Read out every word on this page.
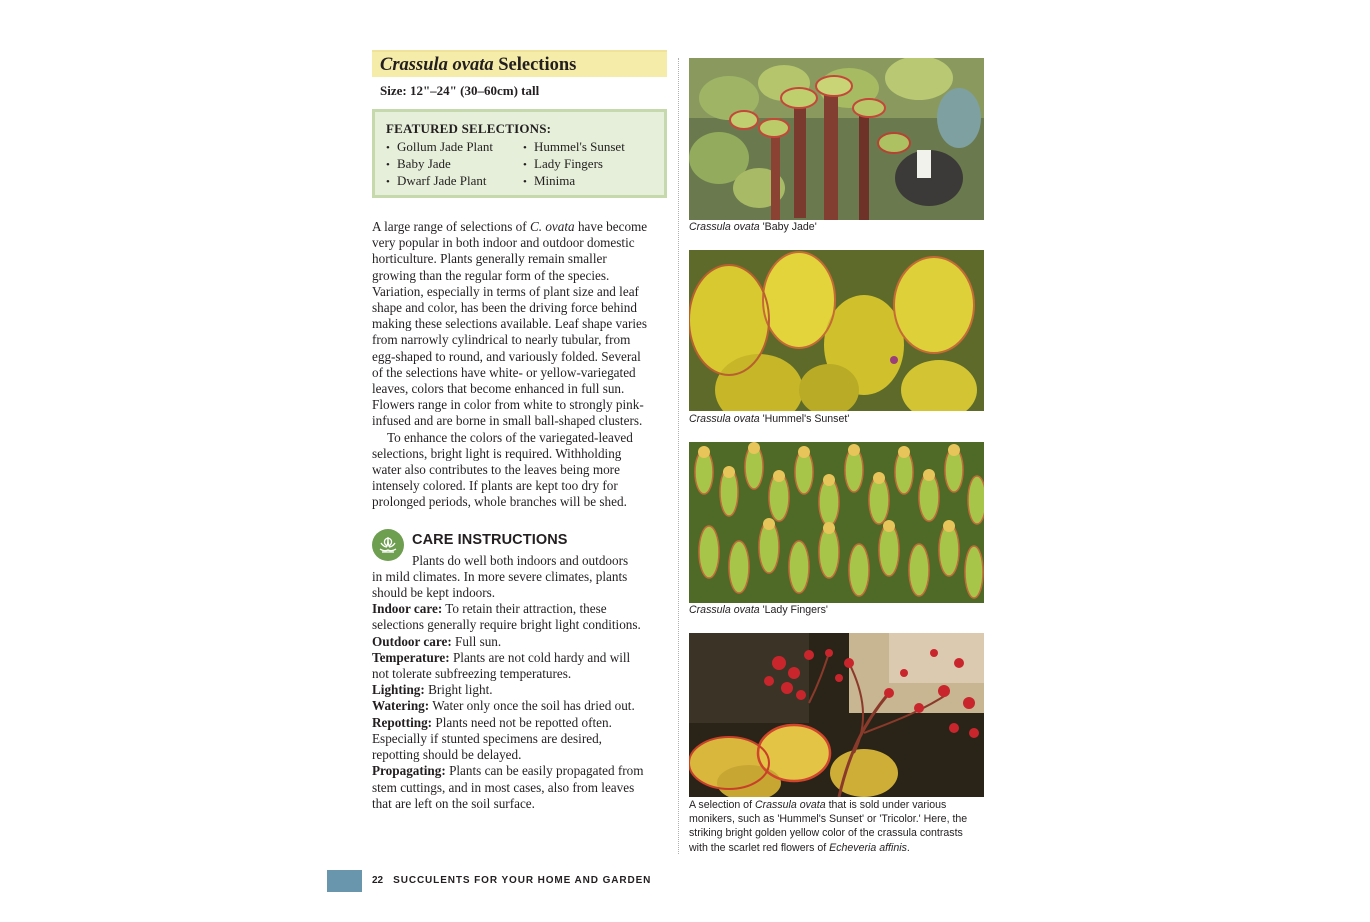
Crassula ovata Selections
Size: 12"–24" (30–60cm) tall
FEATURED SELECTIONS:
• Gollum Jade Plant
• Baby Jade
• Dwarf Jade Plant
• Hummel's Sunset
• Lady Fingers
• Minima

A large range of selections of C. ovata have become

very popular in both indoor and outdoor domestic

horticulture. Plants generally remain smaller

growing than the regular form of the species.

Variation, especially in terms of plant size and leaf

shape and color, has been the driving force behind

making these selections available. Leaf shape varies

from narrowly cylindrical to nearly tubular, from

egg-shaped to round, and variously folded. Several

of the selections have white- or yellow-variegated

leaves, colors that become enhanced in full sun.

Flowers range in color from white to strongly pink-

infused and are borne in small ball-shaped clusters.

To enhance the colors of the variegated-leaved

selections, bright light is required. Withholding

water also contributes to the leaves being more

intensely colored. If plants are kept too dry for

prolonged periods, whole branches will be shed.

CARE INSTRUCTIONS

Plants do well both indoors and outdoors

in mild climates. In more severe climates, plants

should be kept indoors.

Indoor care: To retain their attraction, these

selections generally require bright light conditions.

Outdoor care: Full sun.

Temperature: Plants are not cold hardy and will

not tolerate subfreezing temperatures.

Lighting: Bright light.

Watering: Water only once the soil has dried out.

Repotting: Plants need not be repotted often.

Especially if stunted specimens are desired,

repotting should be delayed.

Propagating: Plants can be easily propagated from

stem cuttings, and in most cases, also from leaves

that are left on the soil surface.

Crassula ovata 'Baby Jade'

Crassula ovata 'Hummel's Sunset'

Crassula ovata 'Lady Fingers'

A selection of Crassula ovata that is sold under various

monikers, such as 'Hummel's Sunset' or 'Tricolor.' Here, the

striking bright golden yellow color of the crassula contrasts

with the scarlet red flowers of Echeveria affinis.

22 SUCCULENTS FOR YOUR HOME AND GARDEN
